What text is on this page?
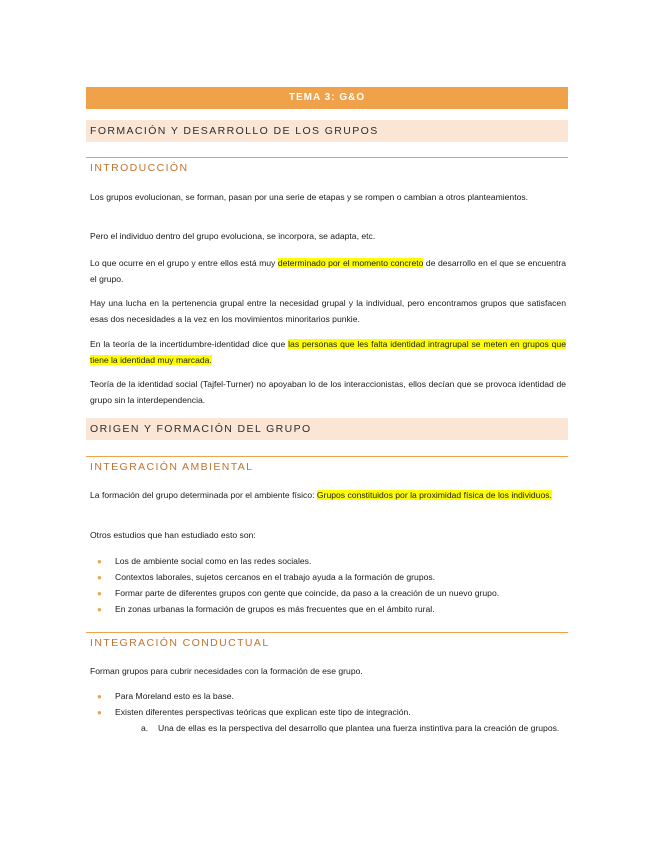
TEMA 3: G&O
FORMACIÓN Y DESARROLLO DE LOS GRUPOS
INTRODUCCIÓN

Los grupos evolucionan, se forman, pasan por una serie de etapas y se rompen o cambian a otros planteamientos.

Pero el individuo dentro del grupo evoluciona, se incorpora, se adapta, etc.

Lo que ocurre en el grupo y entre ellos está muy determinado por el momento concreto de desarrollo en el que se encuentra el grupo.

Hay una lucha en la pertenencia grupal entre la necesidad grupal y la individual, pero encontramos grupos que satisfacen esas dos necesidades a la vez en los movimientos minoritarios punkie.

En la teoría de la incertidumbre-identidad dice que las personas que les falta identidad intragrupal se meten en grupos que tiene la identidad muy marcada.

Teoría de la identidad social (Tajfel-Turner) no apoyaban lo de los interaccionistas, ellos decían que se provoca identidad de grupo sin la interdependencia.

ORIGEN Y FORMACIÓN DEL GRUPO
INTEGRACIÓN AMBIENTAL

La formación del grupo determinada por el ambiente físico: Grupos constituidos por la proximidad física de los individuos.

Otros estudios que han estudiado esto son:

● Los de ambiente social como en las redes sociales.
● Contextos laborales, sujetos cercanos en el trabajo ayuda a la formación de grupos.
● Formar parte de diferentes grupos con gente que coincide, da paso a la creación de un nuevo grupo.
● En zonas urbanas la formación de grupos es más frecuentes que en el ámbito rural.
INTEGRACIÓN CONDUCTUAL

Forman grupos para cubrir necesidades con la formación de ese grupo.

● Para Moreland esto es la base.
● Existen diferentes perspectivas teóricas que explican este tipo de integración.
a. Una de ellas es la perspectiva del desarrollo que plantea una fuerza instintiva para la creación de grupos.
